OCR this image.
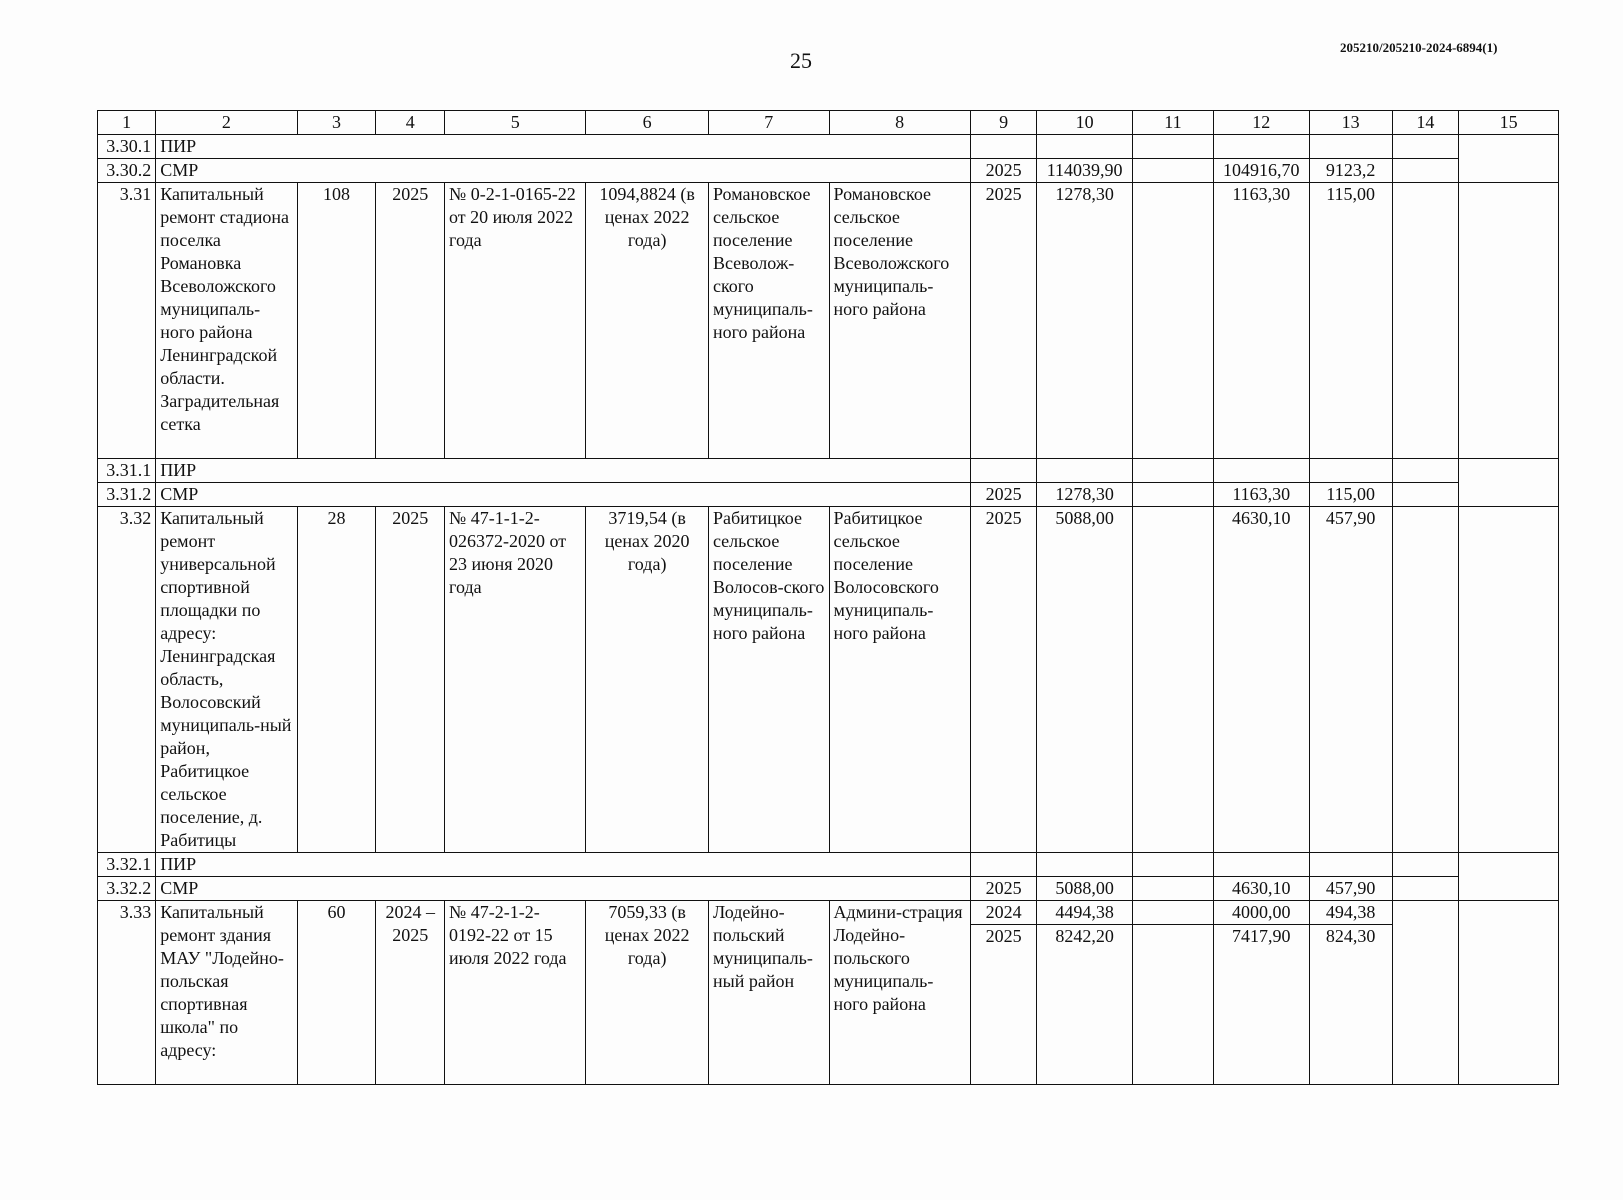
25
205210/205210-2024-6894(1)
1	2	3	4	5	6	7	8	9	10	11	12	13	14	15
3.30.1	ПИР													
3.30.2	СМР							2025	114039,90		104916,70	9123,2		
3.31	Капитальный ремонт стадиона поселка Романовка Всеволожского муниципаль-ного района Ленинградской области. Заградительная сетка	108	2025	№ 0-2-1-0165-22 от 20 июля 2022 года	1094,8824 (в ценах 2022 года)	Романовское сельское поселение Всеволож-ского муниципаль-ного района	Романовское сельское поселение Всеволожского муниципаль-ного района	2025	1278,30		1163,30	115,00		
3.31.1	ПИР													
3.31.2	СМР							2025	1278,30		1163,30	115,00		
3.32	Капитальный ремонт универсальной спортивной площадки по адресу: Ленинградская область, Волосовский муниципаль-ный район, Рабитицкое сельское поселение, д. Рабитицы	28	2025	№ 47-1-1-2-026372-2020 от 23 июня 2020 года	3719,54 (в ценах 2020 года)	Рабитицкое сельское поселение Волосов-ского муниципаль-ного района	Рабитицкое сельское поселение Волосовского муниципаль-ного района	2025	5088,00		4630,10	457,90		
3.32.1	ПИР													
3.32.2	СМР							2025	5088,00		4630,10	457,90		
3.33	Капитальный ремонт здания МАУ "Лодейно-польская спортивная школа" по адресу:	60	2024 – 2025	№ 47-2-1-2-0192-22 от 15 июля 2022 года	7059,33 (в ценах 2022 года)	Лодейно-польский муниципаль-ный район	Админи-страция Лодейно-польского муниципаль-ного района	2024	4494,38		4000,00	494,38		
								2025	8242,20		7417,90	824,30		
